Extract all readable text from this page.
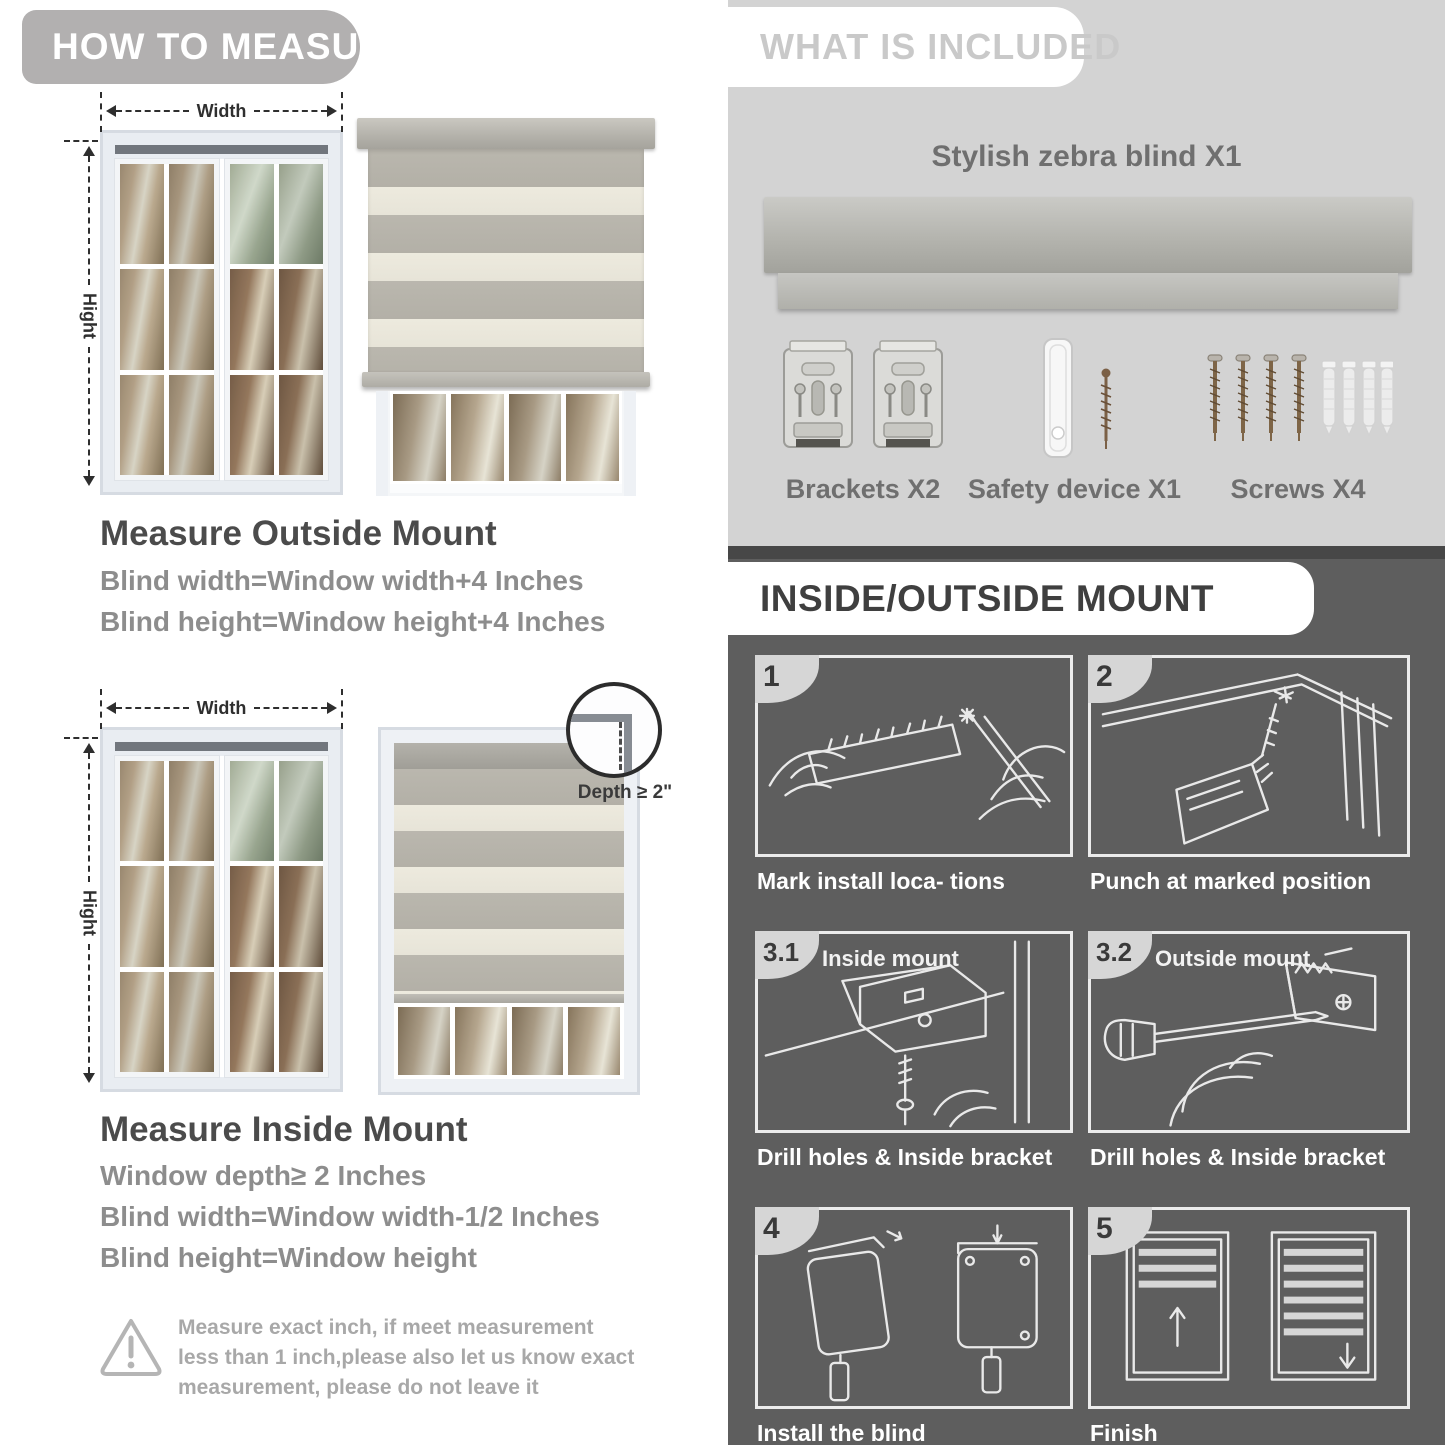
HOW TO MEASURE
Width
Hight
Measure Outside Mount
Blind width=Window width+4 Inches
Blind height=Window height+4 Inches
Width
Hight
Depth ≥ 2"
Measure Inside Mount
Window depth≥ 2 Inches
Blind width=Window width-1/2 Inches
Blind height=Window height
Measure exact inch, if meet measurement less than 1 inch,please also let us know exact measurement, please do not leave it
WHAT IS INCLUDED
Stylish zebra blind X1
Brackets X2 Safety device X1 Screws X4
INSIDE/OUTSIDE MOUNT
1
Mark install loca- tions
2
Punch at marked position
3.1	Inside mount
Drill holes & Inside bracket
3.2	Outside mount
Drill holes & Inside bracket
4
Install the blind
5
Finish
